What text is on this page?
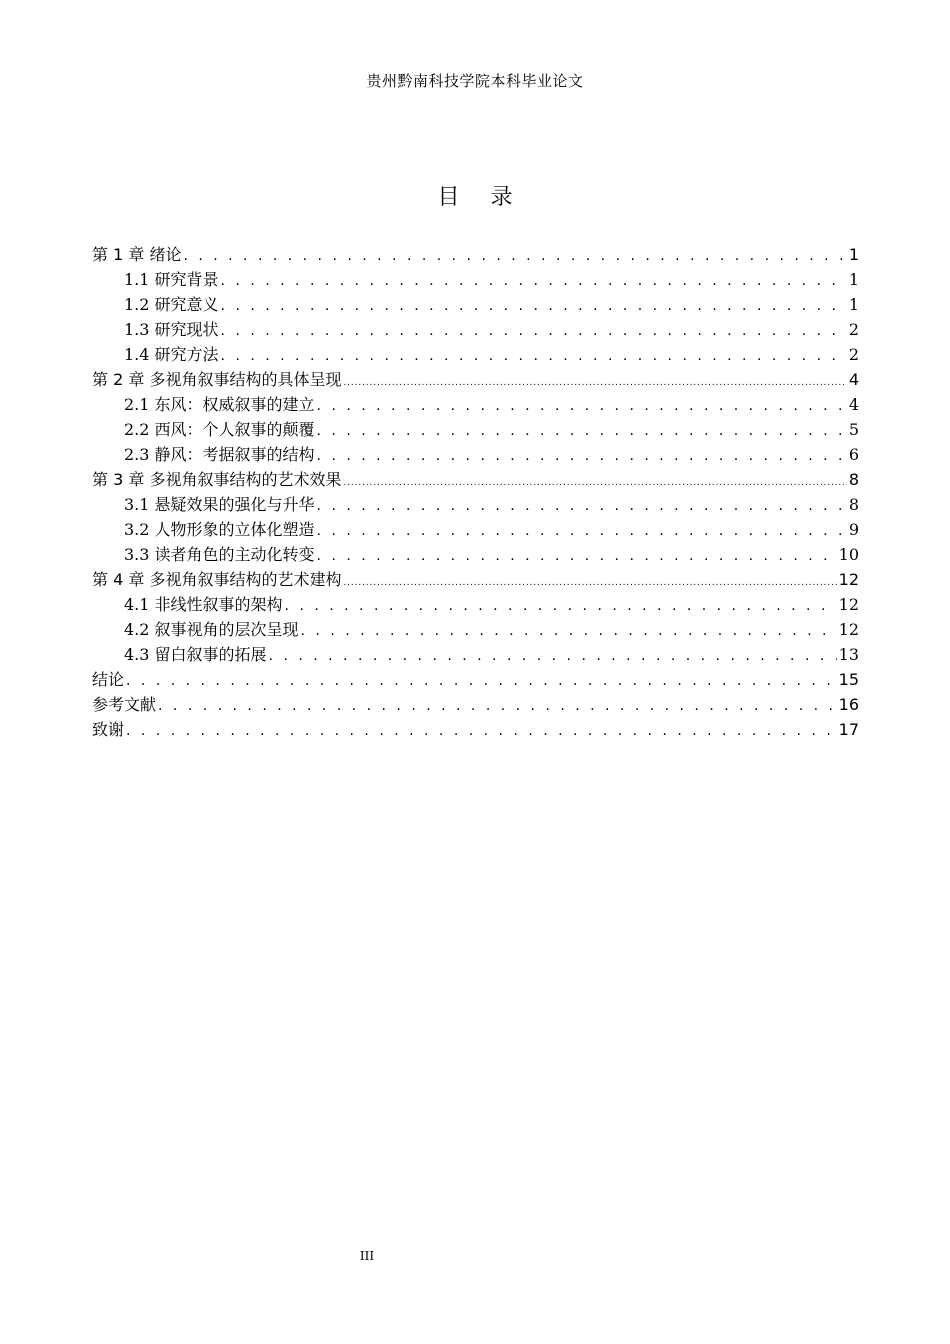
贵州黔南科技学院本科毕业论文
目 录
第 1 章 绪论 . . .	1
1.1 研究背景 . . .	1
1.2 研究意义 . . .	1
1.3 研究现状 . . .	2
1.4 研究方法 . . .	2
第 2 章 多视角叙事结构的具体呈现 . . .	4
2.1 东风：权威叙事的建立 . . .	4
2.2 西风：个人叙事的颠覆 . . .	5
2.3 静风：考据叙事的结构 . . .	6
第 3 章 多视角叙事结构的艺术效果 . . .	8
3.1 悬疑效果的强化与升华 . . .	8
3.2 人物形象的立体化塑造 . . .	9
3.3 读者角色的主动化转变 . . .	10
第 4 章 多视角叙事结构的艺术建构 . . .	12
4.1 非线性叙事的架构 . . .	12
4.2 叙事视角的层次呈现 . . .	12
4.3 留白叙事的拓展 . . .	13
结论 . . .	15
参考文献 . . .	16
致谢 . . .	17
III
